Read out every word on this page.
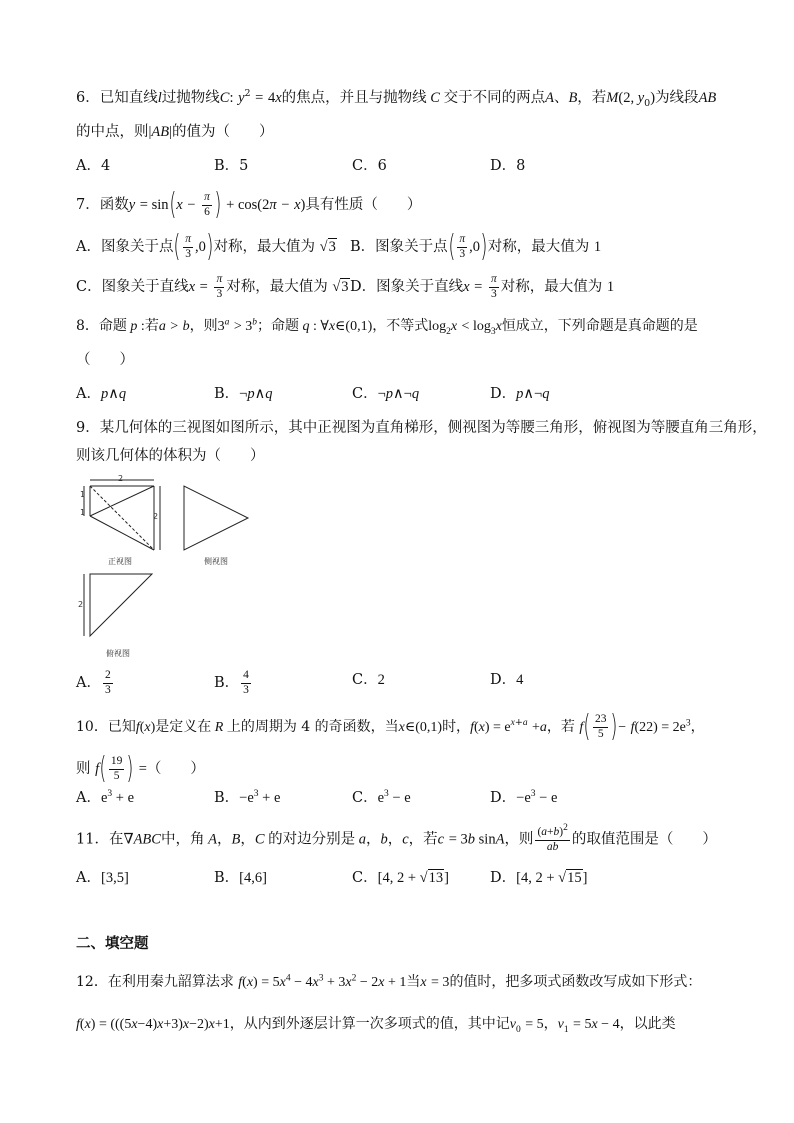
6．已知直线l过抛物线C: $y^2 = 4x$的焦点，并且与抛物线 C 交于不同的两点A、B，若M(2, $y_0$)为线段AB
的中点，则|AB|的值为（　　）
A．4	B．5	C．6	D．8
7．函数$y = \sin(x - \frac{\pi}{6}$ ) + cos(2π − x)具有性质（　　）
A．图象关于点( $\frac{\pi}{3} ,0$)对称，最大值为 √3 B．图象关于点( $\frac{\pi}{3} ,0$)对称，最大值为 1
C．图象关于直线$x = \frac{\pi}{3}$ 对称，最大值为 √3 D．图象关于直线$x = \frac{\pi}{3}$ 对称，最大值为 1
8．命题 p :若a > b，则$3^a > 3^b$；命题 q : ∀x∈(0,1)，不等式$\log_2x < \log_3x$恒成立，下列命题是真命题的是
（　　）
A．p∧q	B．¬p∧q	C．¬p∧¬q	D．p∧¬q
9．某几何体的三视图如图所示，其中正视图为直角梯形，侧视图为等腰三角形，俯视图为等腰直角三角形，
则该几何体的体积为（　　）
2
1
1	2
2
正视图	侧视图
俯视图
A． $\frac{2}{3}$	B． $\frac{4}{3}$	C．2	D．4
10．已知f(x)是定义在 R 上的周期为 4 的奇函数，当x∈(0,1)时，$f(x) = e^{x+a} +a$，若 $f( \frac{23}{5}$ )− $f(22) = 2e^3$，
则 $f( \frac{19}{5}$ ) =（　　）
A．$e^3 + e$	B．$-e^3 + e$	C．$e^3 - e$	D．$-e^3 - e$
11．在∇ABC中，角 A，B，C 的对边分别是 a，b，c，若c = 3b sinA，则 $\frac{(a+b)^2}{ab}$ 的取值范围是（　　）
A．[3,5]	B．[4,6]	C．[4, 2 + √13]	D．[4, 2 + √15]
二、填空题
12．在利用秦九韶算法求 $f(x) = 5x^4 - 4x^3 + 3x^2 - 2x + 1$当x = 3的值时，把多项式函数改写成如下形式：
f(x) = (((5x−4)x+3)x−2)x+1，从内到外逐层计算一次多项式的值，其中记$v_0 = 5$，$v_1 = 5x - 4$，以此类
